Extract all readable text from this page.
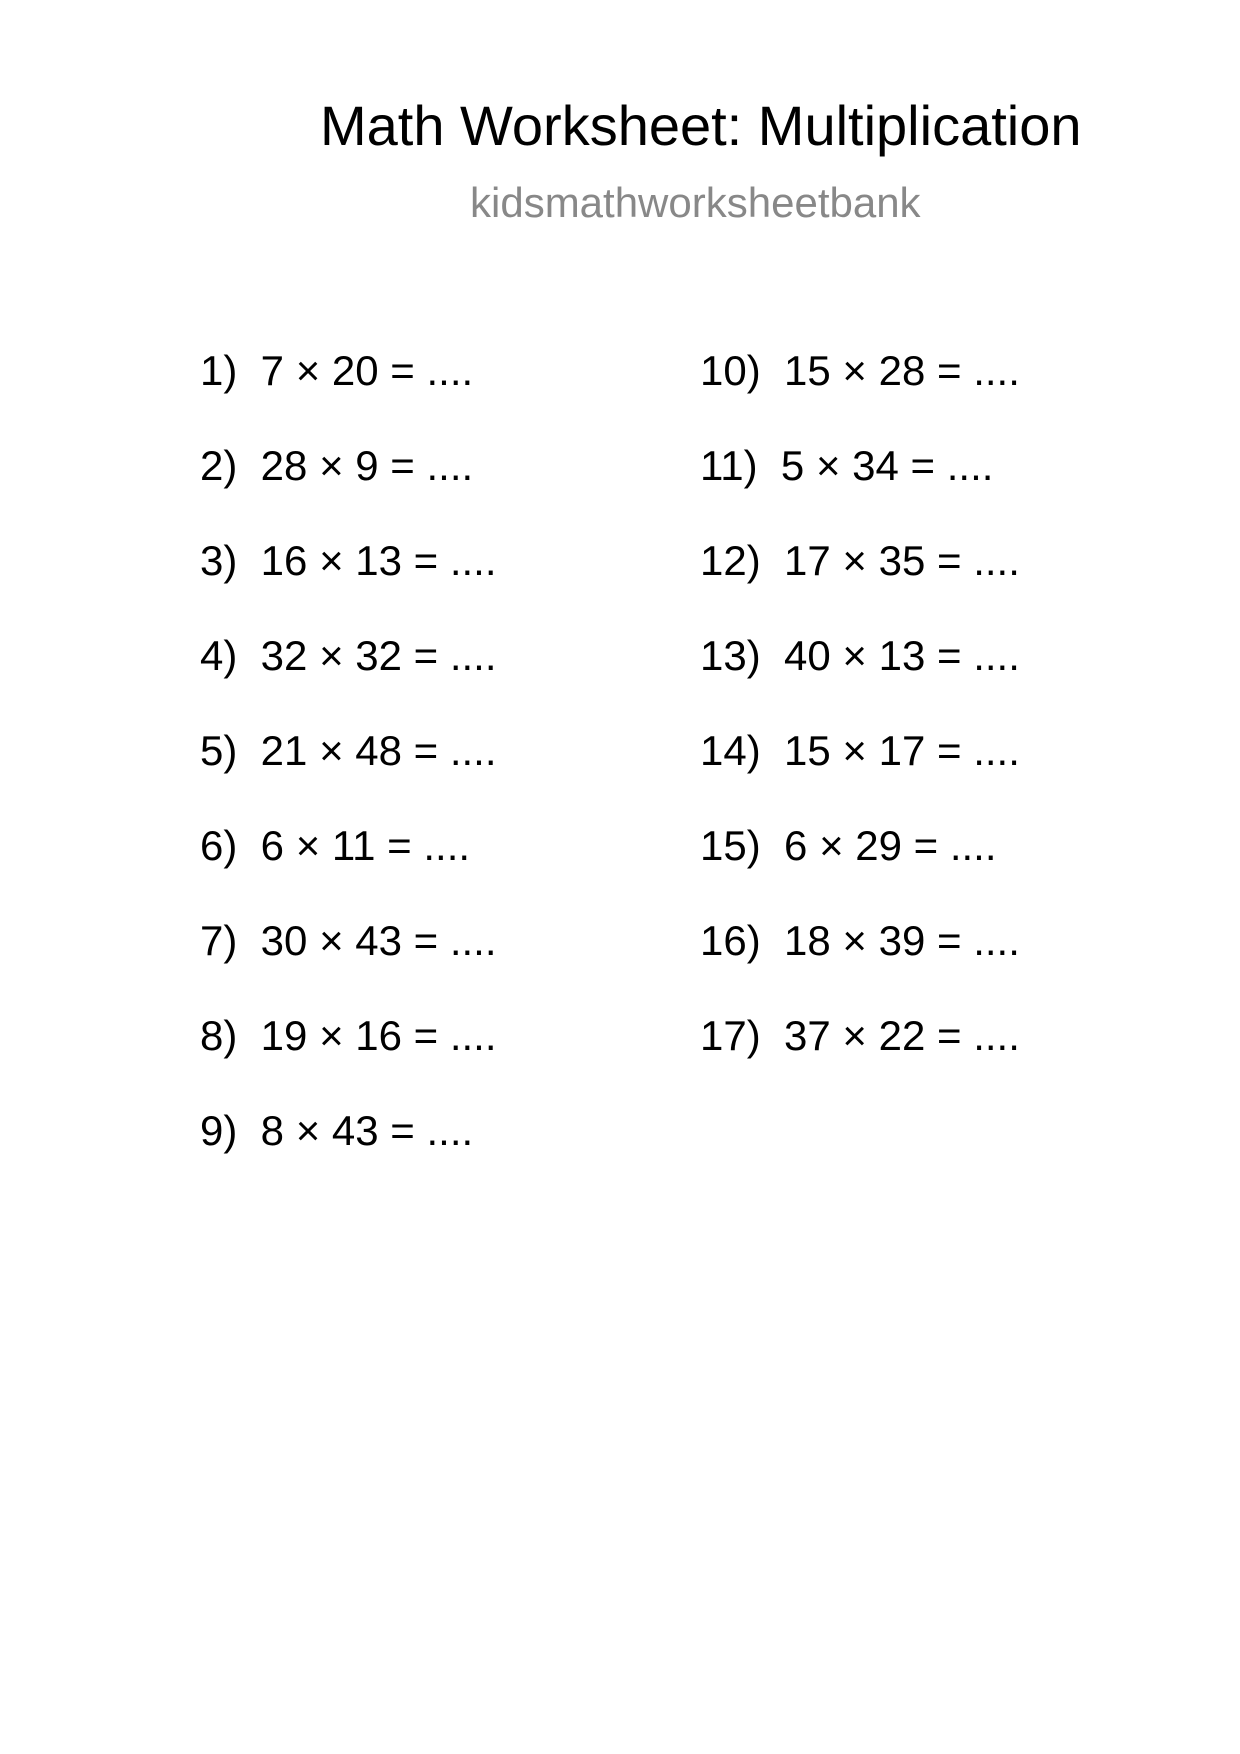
Math Worksheet: Multiplication
kidsmathworksheetbank
1)  7 × 20 = ....
2)  28 × 9 = ....
3)  16 × 13 = ....
4)  32 × 32 = ....
5)  21 × 48 = ....
6)  6 × 11 = ....
7)  30 × 43 = ....
8)  19 × 16 = ....
9)  8 × 43 = ....
10)  15 × 28 = ....
11)  5 × 34 = ....
12)  17 × 35 = ....
13)  40 × 13 = ....
14)  15 × 17 = ....
15)  6 × 29 = ....
16)  18 × 39 = ....
17)  37 × 22 = ....
